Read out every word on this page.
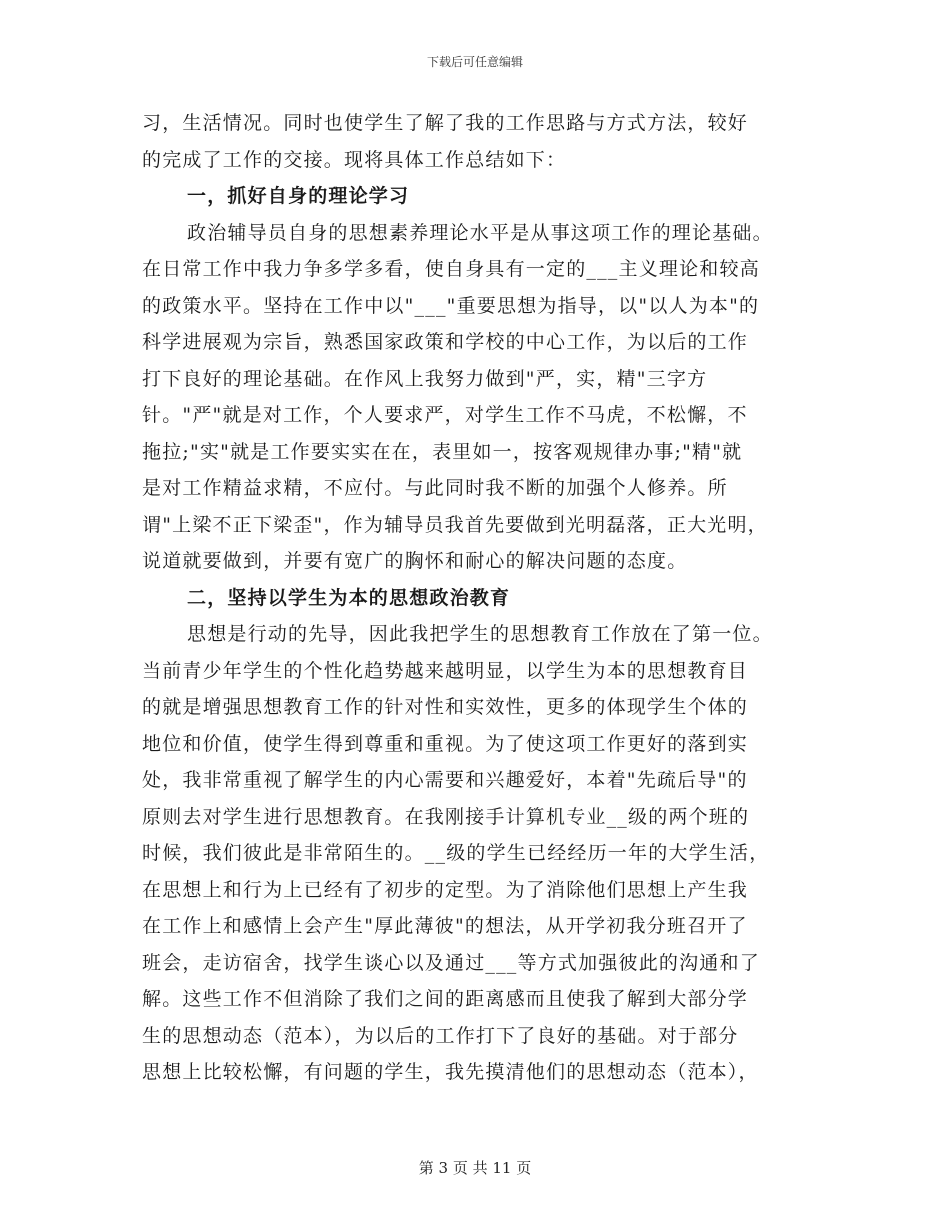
下载后可任意编辑
习，生活情况。同时也使学生了解了我的工作思路与方式方法，较好
的完成了工作的交接。现将具体工作总结如下：
一，抓好自身的理论学习
政治辅导员自身的思想素养理论水平是从事这项工作的理论基础。
在日常工作中我力争多学多看，使自身具有一定的___主义理论和较高
的政策水平。坚持在工作中以"___"重要思想为指导，以"以人为本"的
科学进展观为宗旨，熟悉国家政策和学校的中心工作，为以后的工作
打下良好的理论基础。在作风上我努力做到"严，实，精"三字方
针。"严"就是对工作，个人要求严，对学生工作不马虎，不松懈，不
拖拉;"实"就是工作要实实在在，表里如一，按客观规律办事;"精"就
是对工作精益求精，不应付。与此同时我不断的加强个人修养。所
谓"上梁不正下梁歪"，作为辅导员我首先要做到光明磊落，正大光明，
说道就要做到，并要有宽广的胸怀和耐心的解决问题的态度。
二，坚持以学生为本的思想政治教育
思想是行动的先导，因此我把学生的思想教育工作放在了第一位。
当前青少年学生的个性化趋势越来越明显，以学生为本的思想教育目
的就是增强思想教育工作的针对性和实效性，更多的体现学生个体的
地位和价值，使学生得到尊重和重视。为了使这项工作更好的落到实
处，我非常重视了解学生的内心需要和兴趣爱好，本着"先疏后导"的
原则去对学生进行思想教育。在我刚接手计算机专业__级的两个班的
时候，我们彼此是非常陌生的。__级的学生已经经历一年的大学生活，
在思想上和行为上已经有了初步的定型。为了消除他们思想上产生我
在工作上和感情上会产生"厚此薄彼"的想法，从开学初我分班召开了
班会，走访宿舍，找学生谈心以及通过___等方式加强彼此的沟通和了
解。这些工作不但消除了我们之间的距离感而且使我了解到大部分学
生的思想动态（范本），为以后的工作打下了良好的基础。对于部分
思想上比较松懈，有问题的学生，我先摸清他们的思想动态（范本），
第 3 页 共 11 页
